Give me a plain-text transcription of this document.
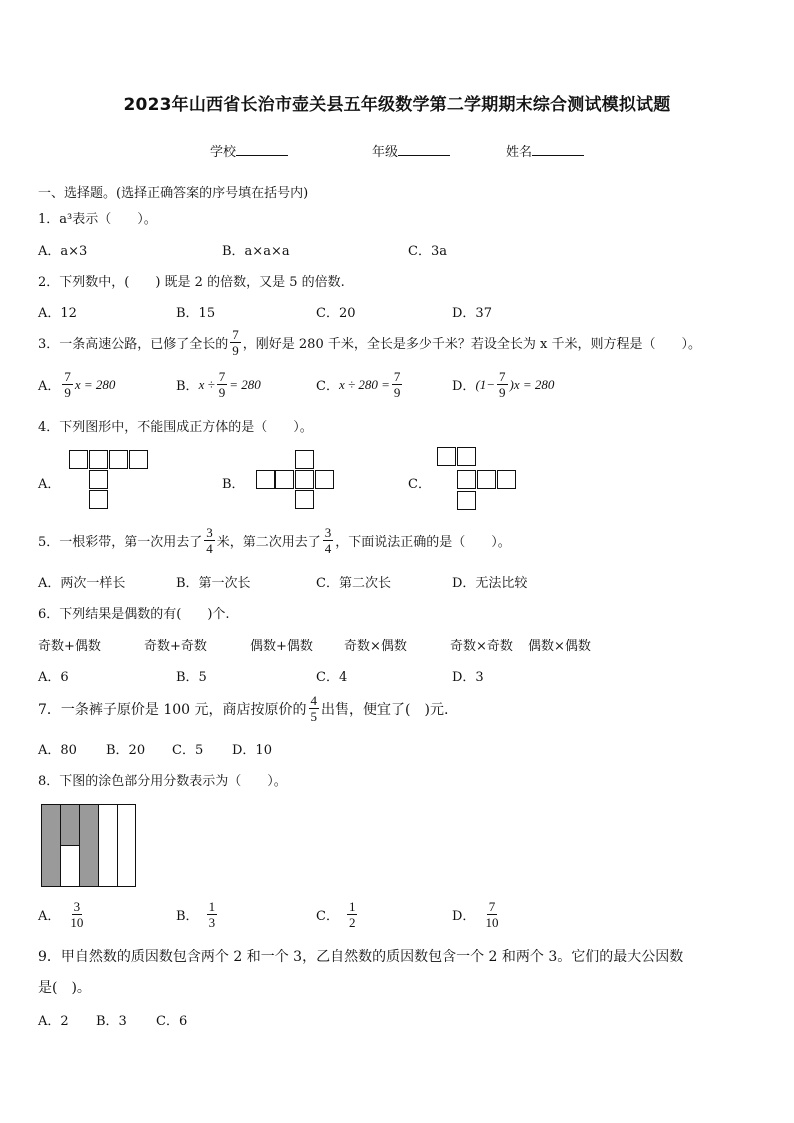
2023年山西省长治市壶关县五年级数学第二学期期末综合测试模拟试题
学校	年级	姓名
一、选择题。(选择正确答案的序号填在括号内)
1．a³表示（　　）。
A．a×3	B．a×a×a	C．3a
2．下列数中，(　　) 既是 2 的倍数，又是 5 的倍数.
A．12	B．15	C．20	D．37
3．一条高速公路，已修了全长的 $\frac{7}{9}$ ，刚好是 280 千米，全长是多少千米？若设全长为 x 千米，则方程是（　　）。
A． $\frac{7}{9}$ x = 280	B． $x \div \frac{7}{9} = 280$	C． $x \div 280 = \frac{7}{9}$	D． $(1- \frac{7}{9} )x = 280$
4．下列图形中，不能围成正方体的是（　　）。
A．	B．	C．
5．一根彩带，第一次用去了 $\frac{3}{4}$ 米，第二次用去了 $\frac{3}{4}$ ，下面说法正确的是（　　）。
A．两次一样长	B．第一次长	C．第二次长	D．无法比较
6．下列结果是偶数的有(　　)个.
奇数+偶数	奇数+奇数	偶数+偶数 奇数×偶数	奇数×奇数 偶数×偶数
A．6	B．5	C．4	D．3
7．一条裤子原价是 100 元，商店按原价的 $\frac{4}{5}$ 出售，便宜了(　)元.
A．80 B．20 C．5 D．10
8．下图的涂色部分用分数表示为（　　）。
A． $\frac{3}{10}$	B． $\frac{1}{3}$	C． $\frac{1}{2}$	D． $\frac{7}{10}$
9．甲自然数的质因数包含两个 2 和一个 3，乙自然数的质因数包含一个 2 和两个 3。它们的最大公因数
是(　)。
A．2 B．3 C．6
